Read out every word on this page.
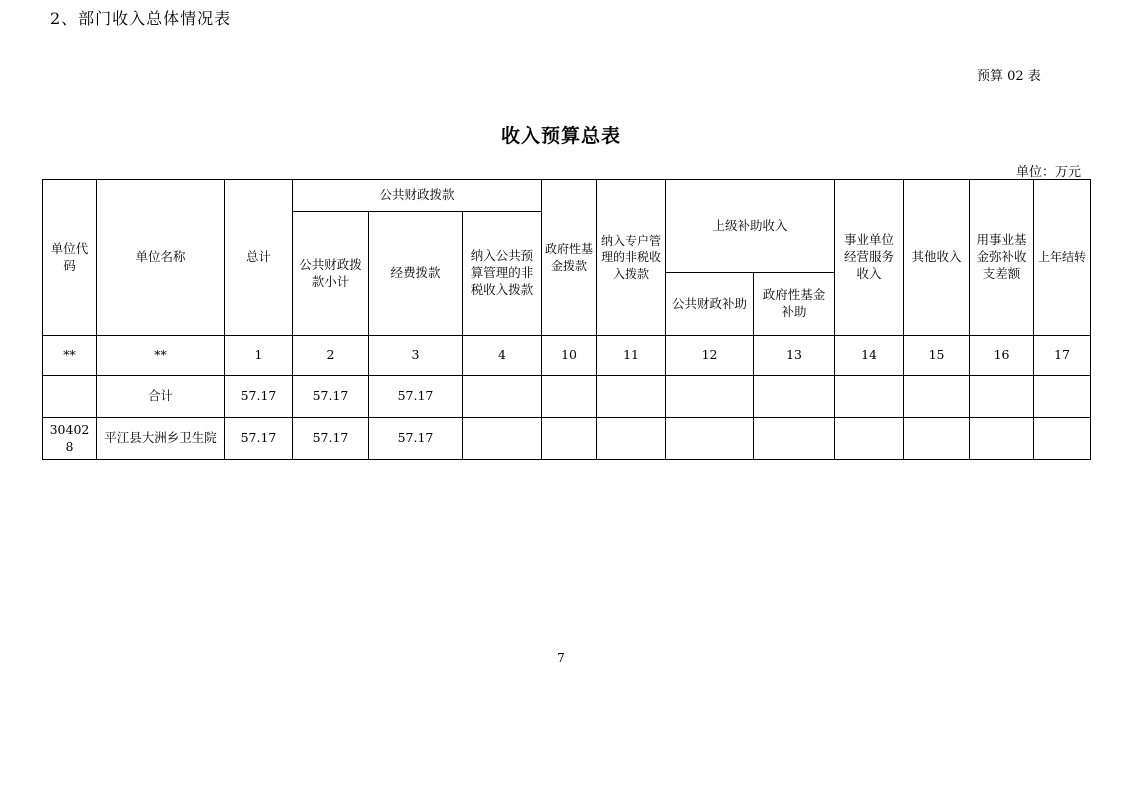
2、部门收入总体情况表
预算 02 表
收入预算总表
单位：万元
单位代码	单位名称	总计	公共财政拨款			政府性基金拨款	纳入专户管理的非税收入拨款	上级补助收入		事业单位经营服务收入	其他收入	用事业基金弥补收支差额	上年结转
			公共财政拨款小计	经费拨款	纳入公共预算管理的非税收入拨款								
								公共财政补助	政府性基金补助				
**	**	1	2	3	4	10	11	12	13	14	15	16	17
	合计	57.17	57.17	57.17									
304028	平江县大洲乡卫生院	57.17	57.17	57.17									
7
